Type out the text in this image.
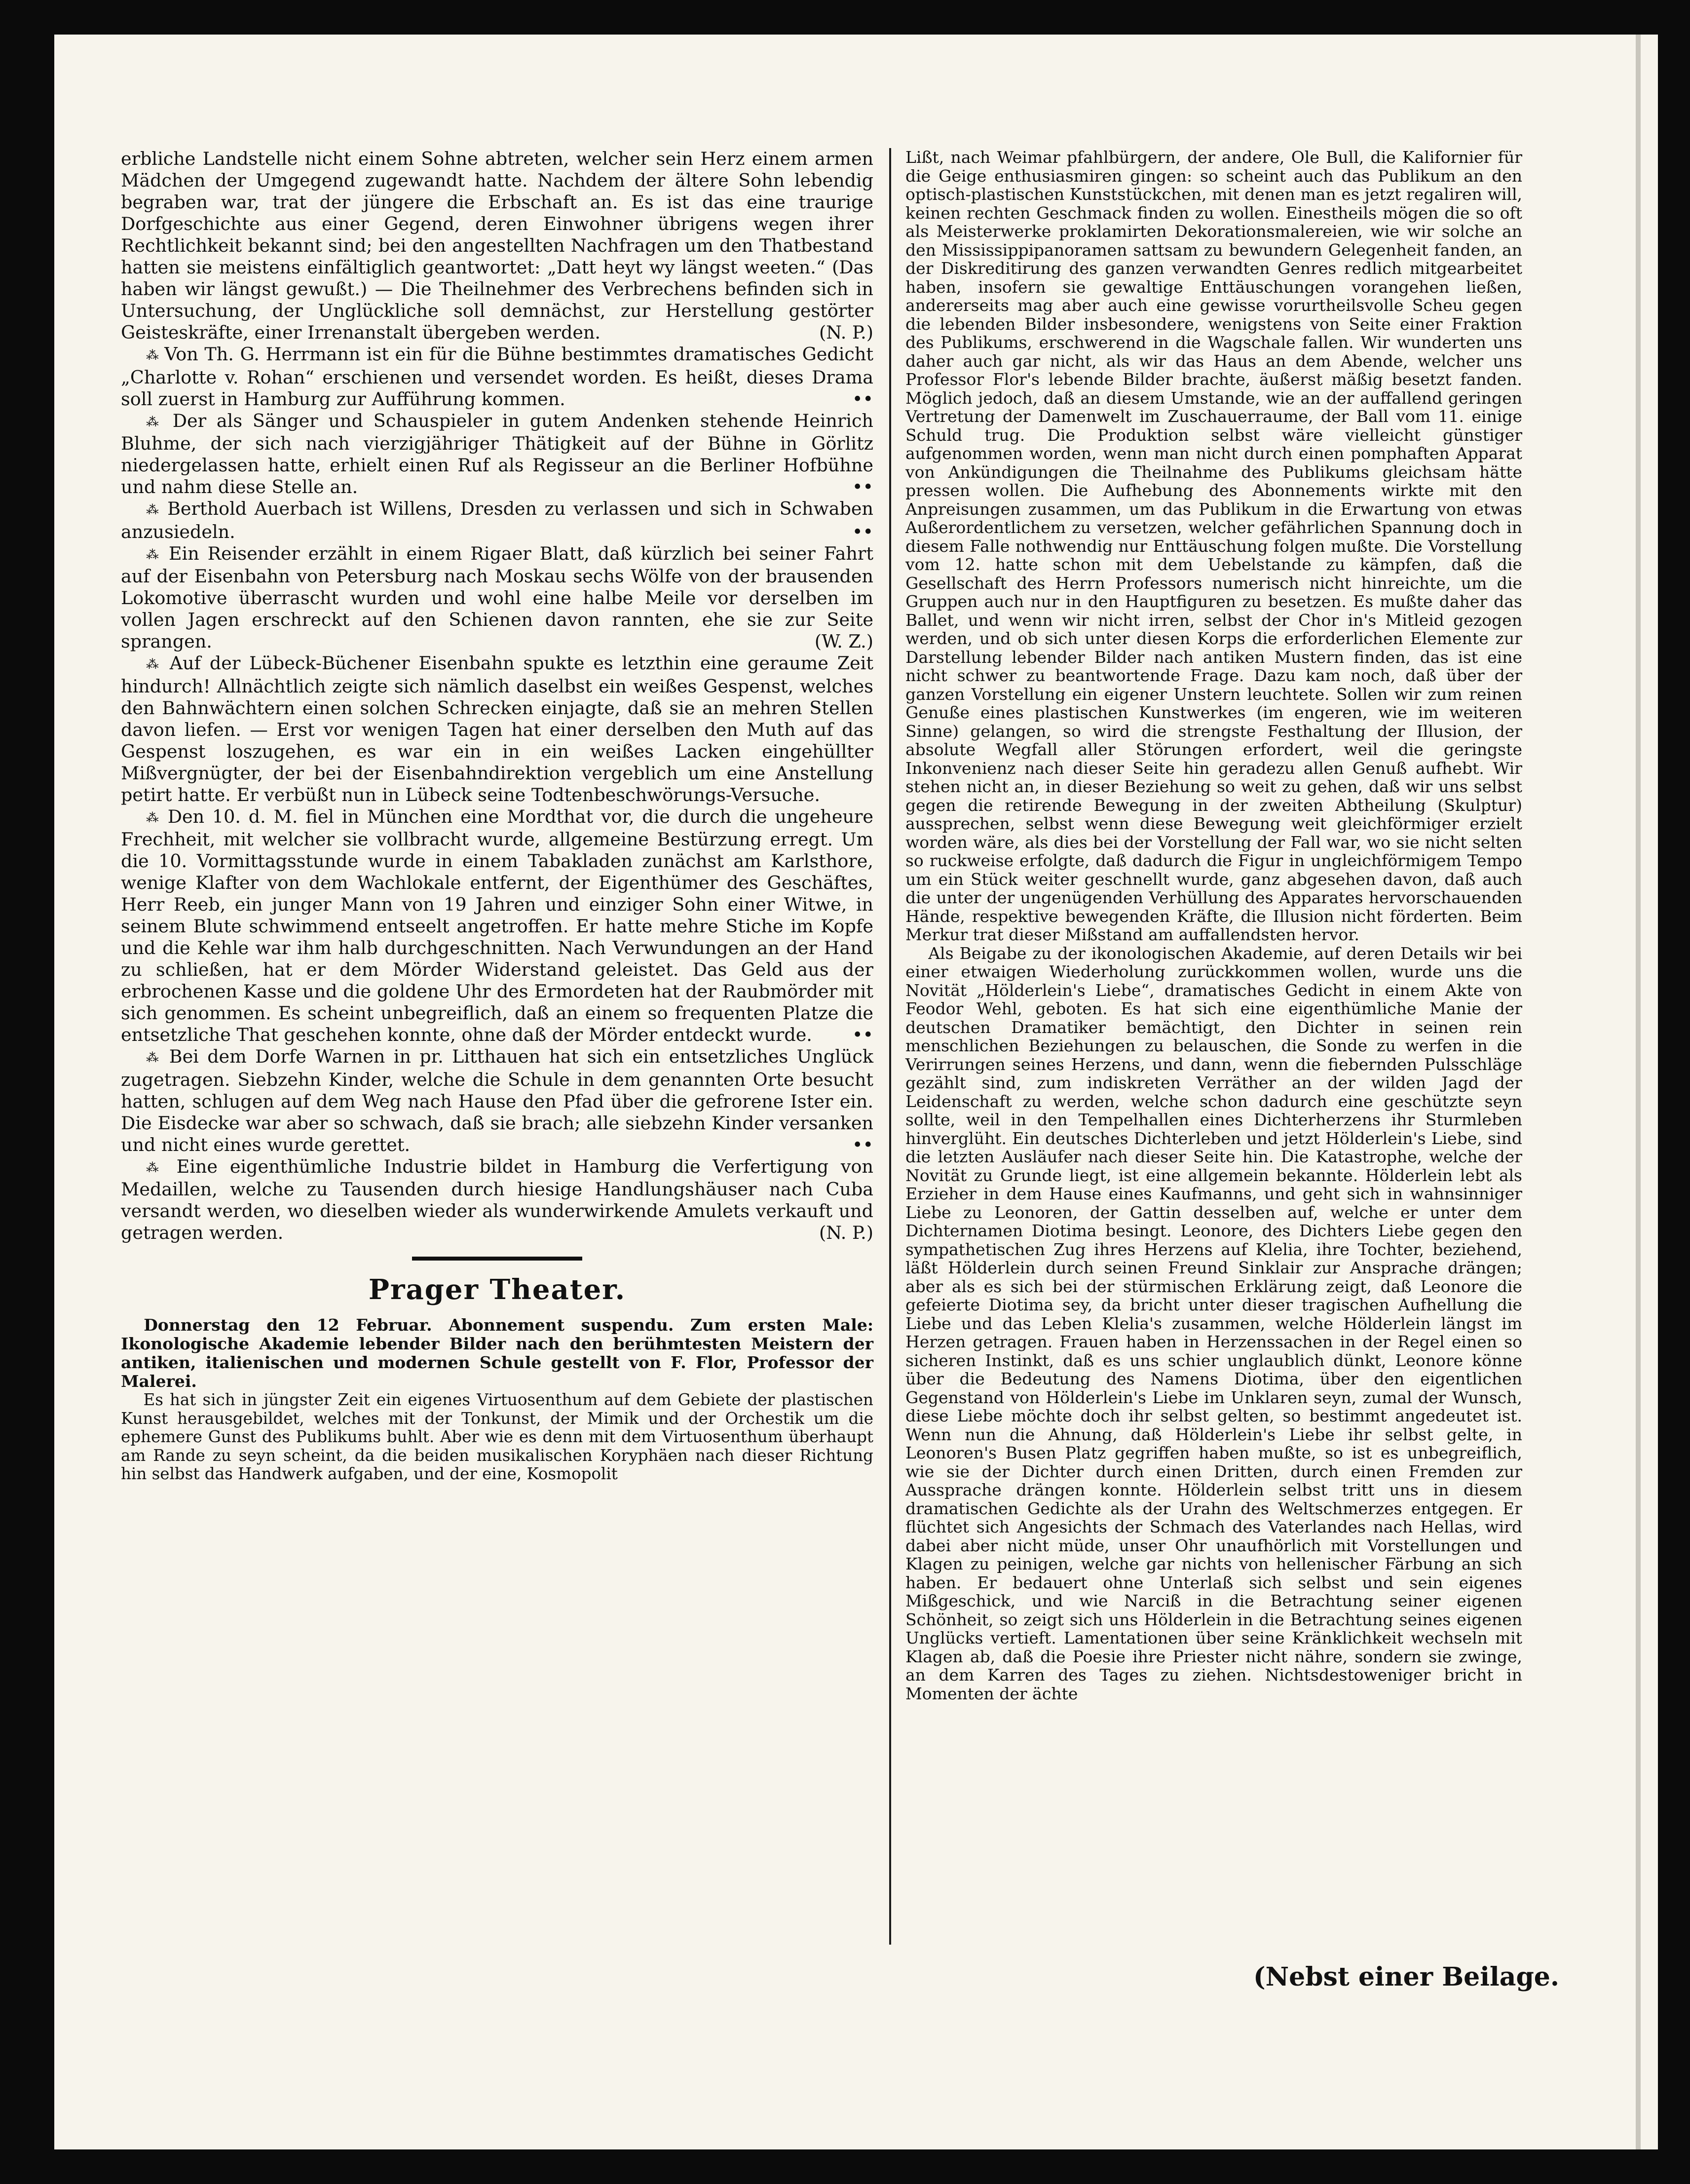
erbliche Landstelle nicht einem Sohne abtreten, welcher sein Herz einem armen Mädchen der Umgegend zugewandt hatte. Nachdem der ältere Sohn lebendig begraben war, trat der jüngere die Erbschaft an. Es ist das eine traurige Dorfgeschichte aus einer Gegend, deren Einwohner übrigens wegen ihrer Rechtlichkeit bekannt sind; bei den angestellten Nachfragen um den Thatbestand hatten sie meistens einfältiglich geantwortet: „Datt heyt wy längst weeten.“ (Das haben wir längst gewußt.) — Die Theilnehmer des Verbrechens befinden sich in Untersuchung, der Unglückliche soll demnächst, zur Herstellung gestörter Geisteskräfte, einer Irrenanstalt übergeben werden.	(N. P.)

⁂ Von Th. G. Herrmann ist ein für die Bühne bestimmtes dramatisches Gedicht „Charlotte v. Rohan“ erschienen und versendet worden. Es heißt, dieses Drama soll zuerst in Hamburg zur Aufführung kommen.	••

⁂ Der als Sänger und Schauspieler in gutem Andenken stehende Heinrich Bluhme, der sich nach vierzigjähriger Thätigkeit auf der Bühne in Görlitz niedergelassen hatte, erhielt einen Ruf als Regisseur an die Berliner Hofbühne und nahm diese Stelle an.	••

⁂ Berthold Auerbach ist Willens, Dresden zu verlassen und sich in Schwaben anzusiedeln.	••

⁂ Ein Reisender erzählt in einem Rigaer Blatt, daß kürzlich bei seiner Fahrt auf der Eisenbahn von Petersburg nach Moskau sechs Wölfe von der brausenden Lokomotive überrascht wurden und wohl eine halbe Meile vor derselben im vollen Jagen erschreckt auf den Schienen davon rannten, ehe sie zur Seite sprangen.	(W. Z.)

⁂ Auf der Lübeck-Büchener Eisenbahn spukte es letzthin eine geraume Zeit hindurch! Allnächtlich zeigte sich nämlich daselbst ein weißes Gespenst, welches den Bahnwächtern einen solchen Schrecken einjagte, daß sie an mehren Stellen davon liefen. — Erst vor wenigen Tagen hat einer derselben den Muth auf das Gespenst loszugehen, es war ein in ein weißes Lacken eingehüllter Mißvergnügter, der bei der Eisenbahndirektion vergeblich um eine Anstellung petirt hatte. Er verbüßt nun in Lübeck seine Todtenbeschwörungs-Versuche.

⁂ Den 10. d. M. fiel in München eine Mordthat vor, die durch die ungeheure Frechheit, mit welcher sie vollbracht wurde, allgemeine Bestürzung erregt. Um die 10. Vormittagsstunde wurde in einem Tabakladen zunächst am Karlsthore, wenige Klafter von dem Wachlokale entfernt, der Eigenthümer des Geschäftes, Herr Reeb, ein junger Mann von 19 Jahren und einziger Sohn einer Witwe, in seinem Blute schwimmend entseelt angetroffen. Er hatte mehre Stiche im Kopfe und die Kehle war ihm halb durchgeschnitten. Nach Verwundungen an der Hand zu schließen, hat er dem Mörder Widerstand geleistet. Das Geld aus der erbrochenen Kasse und die goldene Uhr des Ermordeten hat der Raubmörder mit sich genommen. Es scheint unbegreiflich, daß an einem so frequenten Platze die entsetzliche That geschehen konnte, ohne daß der Mörder entdeckt wurde.	••

⁂ Bei dem Dorfe Warnen in pr. Litthauen hat sich ein entsetzliches Unglück zugetragen. Siebzehn Kinder, welche die Schule in dem genannten Orte besucht hatten, schlugen auf dem Weg nach Hause den Pfad über die gefrorene Ister ein. Die Eisdecke war aber so schwach, daß sie brach; alle siebzehn Kinder versanken und nicht eines wurde gerettet.	••

⁂ Eine eigenthümliche Industrie bildet in Hamburg die Verfertigung von Medaillen, welche zu Tausenden durch hiesige Handlungshäuser nach Cuba versandt werden, wo dieselben wieder als wunderwirkende Amulets verkauft und getragen werden.	(N. P.)

Prager Theater.

Donnerstag den 12 Februar. Abonnement suspendu. Zum ersten Male: Ikonologische Akademie lebender Bilder nach den berühmtesten Meistern der antiken, italienischen und modernen Schule gestellt von F. Flor, Professor der Malerei.

Es hat sich in jüngster Zeit ein eigenes Virtuosenthum auf dem Gebiete der plastischen Kunst herausgebildet, welches mit der Tonkunst, der Mimik und der Orchestik um die ephemere Gunst des Publikums buhlt. Aber wie es denn mit dem Virtuosenthum überhaupt am Rande zu seyn scheint, da die beiden musikalischen Koryphäen nach dieser Richtung hin selbst das Handwerk aufgaben, und der eine, Kosmopolit

Lißt, nach Weimar pfahlbürgern, der andere, Ole Bull, die Kalifornier für die Geige enthusiasmiren gingen: so scheint auch das Publikum an den optisch-plastischen Kunststückchen, mit denen man es jetzt regaliren will, keinen rechten Geschmack finden zu wollen. Einestheils mögen die so oft als Meisterwerke proklamirten Dekorationsmalereien, wie wir solche an den Mississippipanoramen sattsam zu bewundern Gelegenheit fanden, an der Diskreditirung des ganzen verwandten Genres redlich mitgearbeitet haben, insofern sie gewaltige Enttäuschungen vorangehen ließen, andererseits mag aber auch eine gewisse vorurtheilsvolle Scheu gegen die lebenden Bilder insbesondere, wenigstens von Seite einer Fraktion des Publikums, erschwerend in die Wagschale fallen. Wir wunderten uns daher auch gar nicht, als wir das Haus an dem Abende, welcher uns Professor Flor's lebende Bilder brachte, äußerst mäßig besetzt fanden. Möglich jedoch, daß an diesem Umstande, wie an der auffallend geringen Vertretung der Damenwelt im Zuschauerraume, der Ball vom 11. einige Schuld trug. Die Produktion selbst wäre vielleicht günstiger aufgenommen worden, wenn man nicht durch einen pomphaften Apparat von Ankündigungen die Theilnahme des Publikums gleichsam hätte pressen wollen. Die Aufhebung des Abonnements wirkte mit den Anpreisungen zusammen, um das Publikum in die Erwartung von etwas Außerordentlichem zu versetzen, welcher gefährlichen Spannung doch in diesem Falle nothwendig nur Enttäuschung folgen mußte. Die Vorstellung vom 12. hatte schon mit dem Uebelstande zu kämpfen, daß die Gesellschaft des Herrn Professors numerisch nicht hinreichte, um die Gruppen auch nur in den Hauptfiguren zu besetzen. Es mußte daher das Ballet, und wenn wir nicht irren, selbst der Chor in's Mitleid gezogen werden, und ob sich unter diesen Korps die erforderlichen Elemente zur Darstellung lebender Bilder nach antiken Mustern finden, das ist eine nicht schwer zu beantwortende Frage. Dazu kam noch, daß über der ganzen Vorstellung ein eigener Unstern leuchtete. Sollen wir zum reinen Genuße eines plastischen Kunstwerkes (im engeren, wie im weiteren Sinne) gelangen, so wird die strengste Festhaltung der Illusion, der absolute Wegfall aller Störungen erfordert, weil die geringste Inkonvenienz nach dieser Seite hin geradezu allen Genuß aufhebt. Wir stehen nicht an, in dieser Beziehung so weit zu gehen, daß wir uns selbst gegen die retirende Bewegung in der zweiten Abtheilung (Skulptur) aussprechen, selbst wenn diese Bewegung weit gleichförmiger erzielt worden wäre, als dies bei der Vorstellung der Fall war, wo sie nicht selten so ruckweise erfolgte, daß dadurch die Figur in ungleichförmigem Tempo um ein Stück weiter geschnellt wurde, ganz abgesehen davon, daß auch die unter der ungenügenden Verhüllung des Apparates hervorschauenden Hände, respektive bewegenden Kräfte, die Illusion nicht förderten. Beim Merkur trat dieser Mißstand am auffallendsten hervor.

Als Beigabe zu der ikonologischen Akademie, auf deren Details wir bei einer etwaigen Wiederholung zurückkommen wollen, wurde uns die Novität „Hölderlein's Liebe“, dramatisches Gedicht in einem Akte von Feodor Wehl, geboten. Es hat sich eine eigenthümliche Manie der deutschen Dramatiker bemächtigt, den Dichter in seinen rein menschlichen Beziehungen zu belauschen, die Sonde zu werfen in die Verirrungen seines Herzens, und dann, wenn die fiebernden Pulsschläge gezählt sind, zum indiskreten Verräther an der wilden Jagd der Leidenschaft zu werden, welche schon dadurch eine geschützte seyn sollte, weil in den Tempelhallen eines Dichterherzens ihr Sturmleben hinverglüht. Ein deutsches Dichterleben und jetzt Hölderlein's Liebe, sind die letzten Ausläufer nach dieser Seite hin. Die Katastrophe, welche der Novität zu Grunde liegt, ist eine allgemein bekannte. Hölderlein lebt als Erzieher in dem Hause eines Kaufmanns, und geht sich in wahnsinniger Liebe zu Leonoren, der Gattin desselben auf, welche er unter dem Dichternamen Diotima besingt. Leonore, des Dichters Liebe gegen den sympathetischen Zug ihres Herzens auf Klelia, ihre Tochter, beziehend, läßt Hölderlein durch seinen Freund Sinklair zur Ansprache drängen; aber als es sich bei der stürmischen Erklärung zeigt, daß Leonore die gefeierte Diotima sey, da bricht unter dieser tragischen Aufhellung die Liebe und das Leben Klelia's zusammen, welche Hölderlein längst im Herzen getragen. Frauen haben in Herzenssachen in der Regel einen so sicheren Instinkt, daß es uns schier unglaublich dünkt, Leonore könne über die Bedeutung des Namens Diotima, über den eigentlichen Gegenstand von Hölderlein's Liebe im Unklaren seyn, zumal der Wunsch, diese Liebe möchte doch ihr selbst gelten, so bestimmt angedeutet ist. Wenn nun die Ahnung, daß Hölderlein's Liebe ihr selbst gelte, in Leonoren's Busen Platz gegriffen haben mußte, so ist es unbegreiflich, wie sie der Dichter durch einen Dritten, durch einen Fremden zur Aussprache drängen konnte. Hölderlein selbst tritt uns in diesem dramatischen Gedichte als der Urahn des Weltschmerzes entgegen. Er flüchtet sich Angesichts der Schmach des Vaterlandes nach Hellas, wird dabei aber nicht müde, unser Ohr unaufhörlich mit Vorstellungen und Klagen zu peinigen, welche gar nichts von hellenischer Färbung an sich haben. Er bedauert ohne Unterlaß sich selbst und sein eigenes Mißgeschick, und wie Narciß in die Betrachtung seiner eigenen Schönheit, so zeigt sich uns Hölderlein in die Betrachtung seines eigenen Unglücks vertieft. Lamentationen über seine Kränklichkeit wechseln mit Klagen ab, daß die Poesie ihre Priester nicht nähre, sondern sie zwinge, an dem Karren des Tages zu ziehen. Nichtsdestoweniger bricht in Momenten der ächte

(Nebst einer Beilage.
